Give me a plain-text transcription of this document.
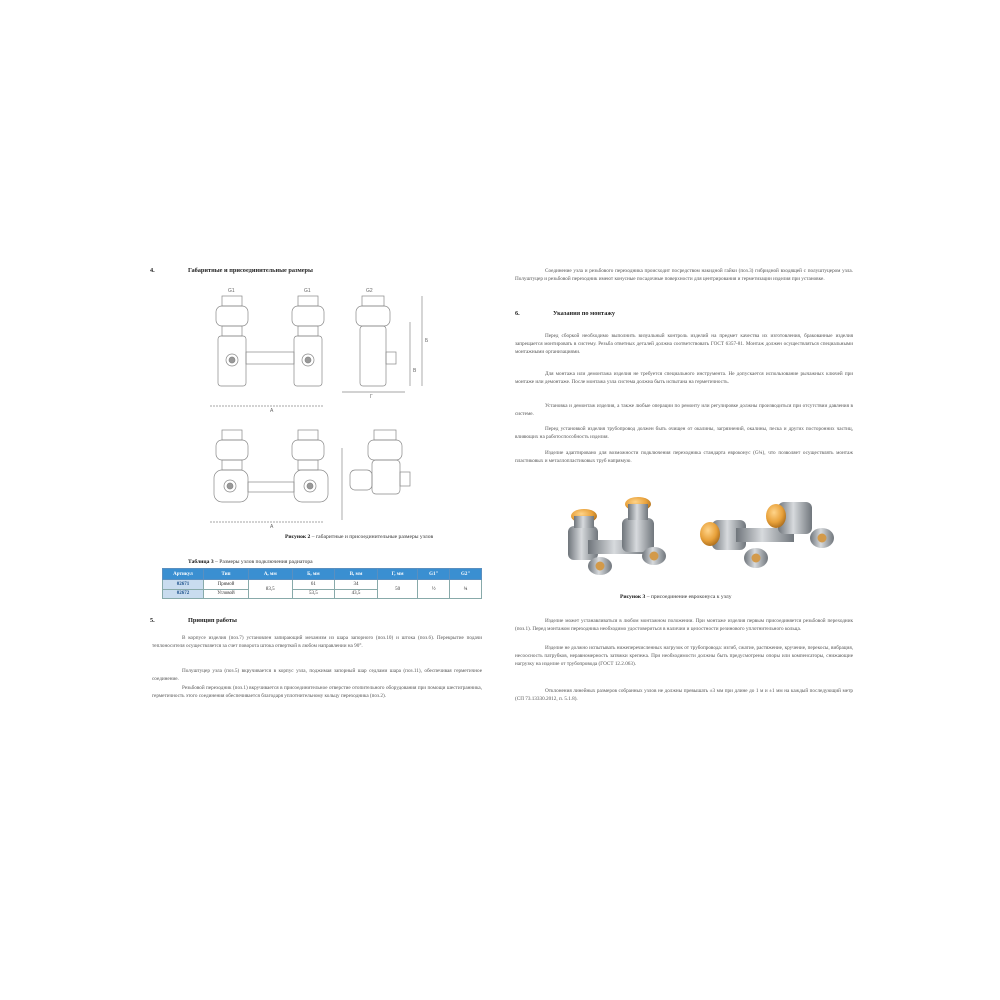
4.	Габаритные и присоединительные размеры
G1	G1	G2
А
Б
В
Г
А
Рисунок 2 – габаритные и присоединительные размеры узлов
Таблица 3 – Размеры узлов подключения радиатора
Артикул	Тип	А, мм	Б, мм	В, мм	Г, мм	G1"	G2"
02671	Прямой	83,5	61	34	50	½	¾
02672	Угловой		53,5	43,5			
5.	Принцип работы
В корпусе изделия (поз.7) установлен запирающий механизм из шара запорного (поз.10) и штока (поз.6). Перекрытие подачи теплоносителя осуществляется за счет поворота штока отверткой в любом направлении на 90°.
Полуштуцер узла (поз.5) вкручивается в корпус узла, поджимая запорный шар седлами шара (поз.11), обеспечивая герметичное соединение.
Резьбовой переходник (поз.1) вкручивается в присоединительное отверстие отопительного оборудования при помощи шестигранника, герметичность этого соединения обеспечивается благодаря уплотнительному кольцу переходника (поз.2).
Соединение узла и резьбового переходника происходит посредством накидной гайки (поз.3) гибридной входящей с полуштуцером узла. Полуштуцер и резьбовой переходник имеют конусные посадочные поверхности для центрирования и герметизации изделия при установке.
6.	Указания по монтажу
Перед сборкой необходимо выполнить визуальный контроль изделий на предмет качества их изготовления, бракованные изделия запрещается монтировать в систему. Резьба ответных деталей должна соответствовать ГОСТ 6357-81. Монтаж должен осуществляться специальными монтажными организациями.
Для монтажа или демонтажа изделия не требуется специального инструмента. Не допускается использование рычажных ключей при монтаже или демонтаже. После монтажа узла система должна быть испытана на герметичность.
Установка и демонтаж изделия, а также любые операции по ремонту или регулировке должны производиться при отсутствии давления в системе.
Перед установкой изделия трубопровод должен быть очищен от окалины, загрязнений, окалины, песка и других посторонних частиц, влияющих на работоспособность изделия.
Изделие адаптировано для возможности подключения переходника стандарта евроконус (G¾), что позволяет осуществлять монтаж пластиковых и металлопластиковых труб напрямую.
Рисунок 3 – присоединение евроконуса к узлу
Изделие может устанавливаться в любом монтажном положении. При монтаже изделия первым присоединяется резьбовой переходник (поз.1). Перед монтажом переходника необходимо удостовериться в наличии и целостности резинового уплотнительного кольца.
Изделие не должно испытывать нижеперечисленных нагрузок от трубопровода: изгиб, сжатие, растяжение, кручение, перекосы, вибрация, несоосность патрубков, неравномерность затяжки крепежа. При необходимости должны быть предусмотрены опоры или компенсаторы, снижающие нагрузку на изделие от трубопровода (ГОСТ 12.2.063).
Отклонения линейных размеров собранных узлов не должны превышать ±3 мм при длине до 1 м и ±1 мм на каждый последующий метр (СП 73.13330.2012, п. 5.1.8).
